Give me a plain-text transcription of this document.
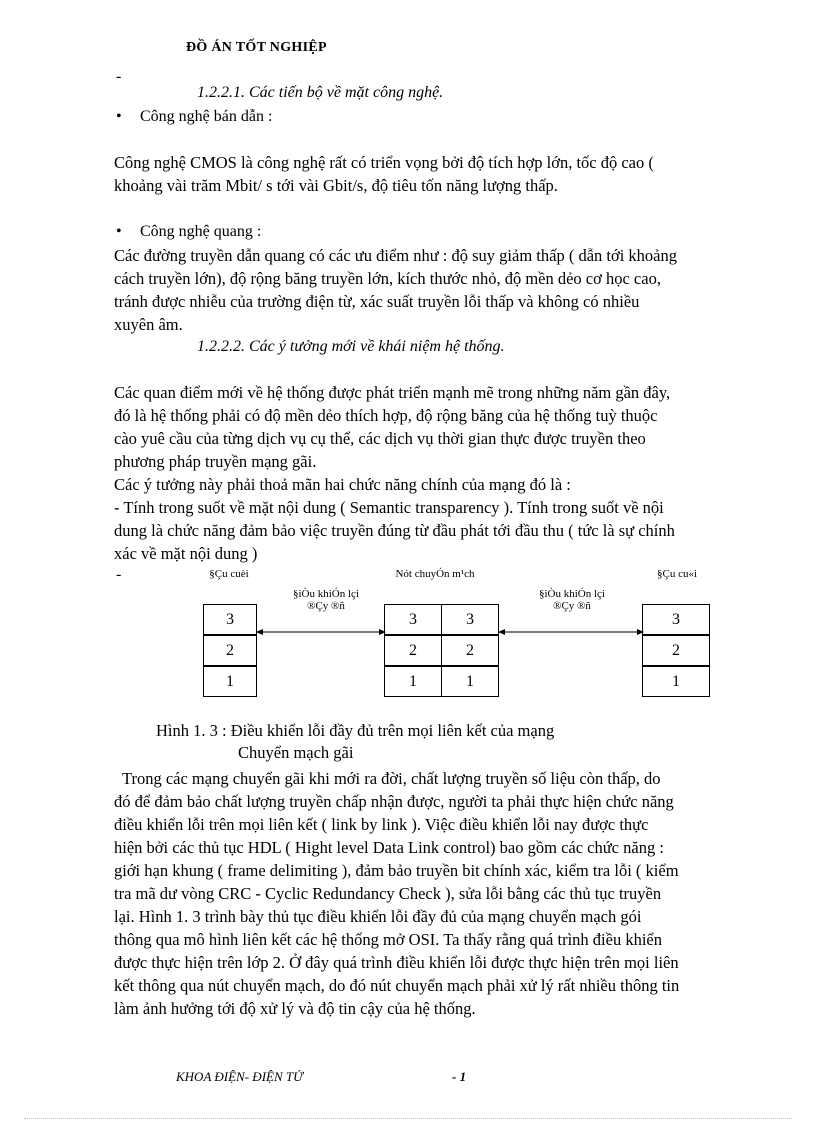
ĐỒ ÁN TỐT NGHIỆP
-
1.2.2.1. Các tiến bộ về mặt công nghệ.
• Công nghệ bán dẫn :
Công nghệ CMOS là công nghệ rất có triển vọng bởi độ tích hợp lớn, tốc độ cao (
khoảng vài trăm Mbit/ s tới vài Gbit/s, độ tiêu tốn năng lượng thấp.
• Công nghệ quang :
Các đường truyền dẫn quang có các ưu điểm như : độ suy giảm thấp ( dẫn tới khoảng
cách truyền lớn), độ rộng băng truyền lớn, kích thước nhỏ, độ mền dẻo cơ học cao,
tránh được nhiễu của trường điện từ, xác suất truyền lỗi thấp và không có nhiều
xuyên âm.
1.2.2.2. Các ý tưởng mới về khái niệm hệ thống.
Các quan điểm mới về hệ thống được phát triển mạnh mẽ trong những năm gần đây,
đó là hệ thống phải có độ mền dẻo thích hợp, độ rộng băng của hệ thống tuỳ thuộc
cào yuê cầu của từng dịch vụ cụ thể, các dịch vụ thời gian thực được truyền theo
phương pháp truyền mạng gãi.
Các ý tưởng này phải thoả mãn hai chức năng chính của mạng đó là :
- Tính trong suốt về mặt nội dung ( Semantic transparency ). Tính trong suốt về nội
dung là chức năng đảm bảo việc truyền đúng từ đầu phát tới đầu thu ( tức là sự chính
xác về mặt nội dung )
-	§Çu cuèi	Nót chuyÓn m¹ch	§Çu cu«i
§iÒu khiÓn lçi
®Çy ®ñ
§iÒu khiÓn lçi
®Çy ®ñ
3
2
1
3	3
2	2
1	1
3
2
1
Hình 1. 3 : Điều khiển lỗi đầy đủ trên mọi liên kết của mạng
Chuyển mạch gãi
Trong các mạng chuyển gãi khi mới ra đời, chất lượng truyền số liệu còn thấp, do
đó để đảm bảo chất lượng truyền chấp nhận được, người ta phải thực hiện chức năng
điều khiển lỗi trên mọi liên kết ( link by link ). Việc điều khiển lỗi nay được thực
hiện bởi các thủ tục HDL ( Hight level Data Link control) bao gồm các chức năng :
giới hạn khung ( frame delimiting ), đảm bảo truyền bit chính xác, kiểm tra lỗi ( kiểm
tra mã dư vòng CRC - Cyclic Redundancy Check ), sửa lỗi bằng các thủ tục truyền
lại. Hình 1. 3 trình bày thủ tục điều khiển lỗi đầy đủ của mạng chuyển mạch gói
thông qua mô hình liên kết các hệ thống mở OSI. Ta thấy rằng quá trình điều khiển
được thực hiện trên lớp 2. Ở đây quá trình điều khiển lỗi được thực hiện trên mọi liên
kết thông qua nút chuyển mạch, do đó nút chuyển mạch phải xử lý rất nhiều thông tin
làm ảnh hưởng tới độ xử lý và độ tin cậy của hệ thống.
KHOA ĐIỆN- ĐIỆN TỬ	- 1
